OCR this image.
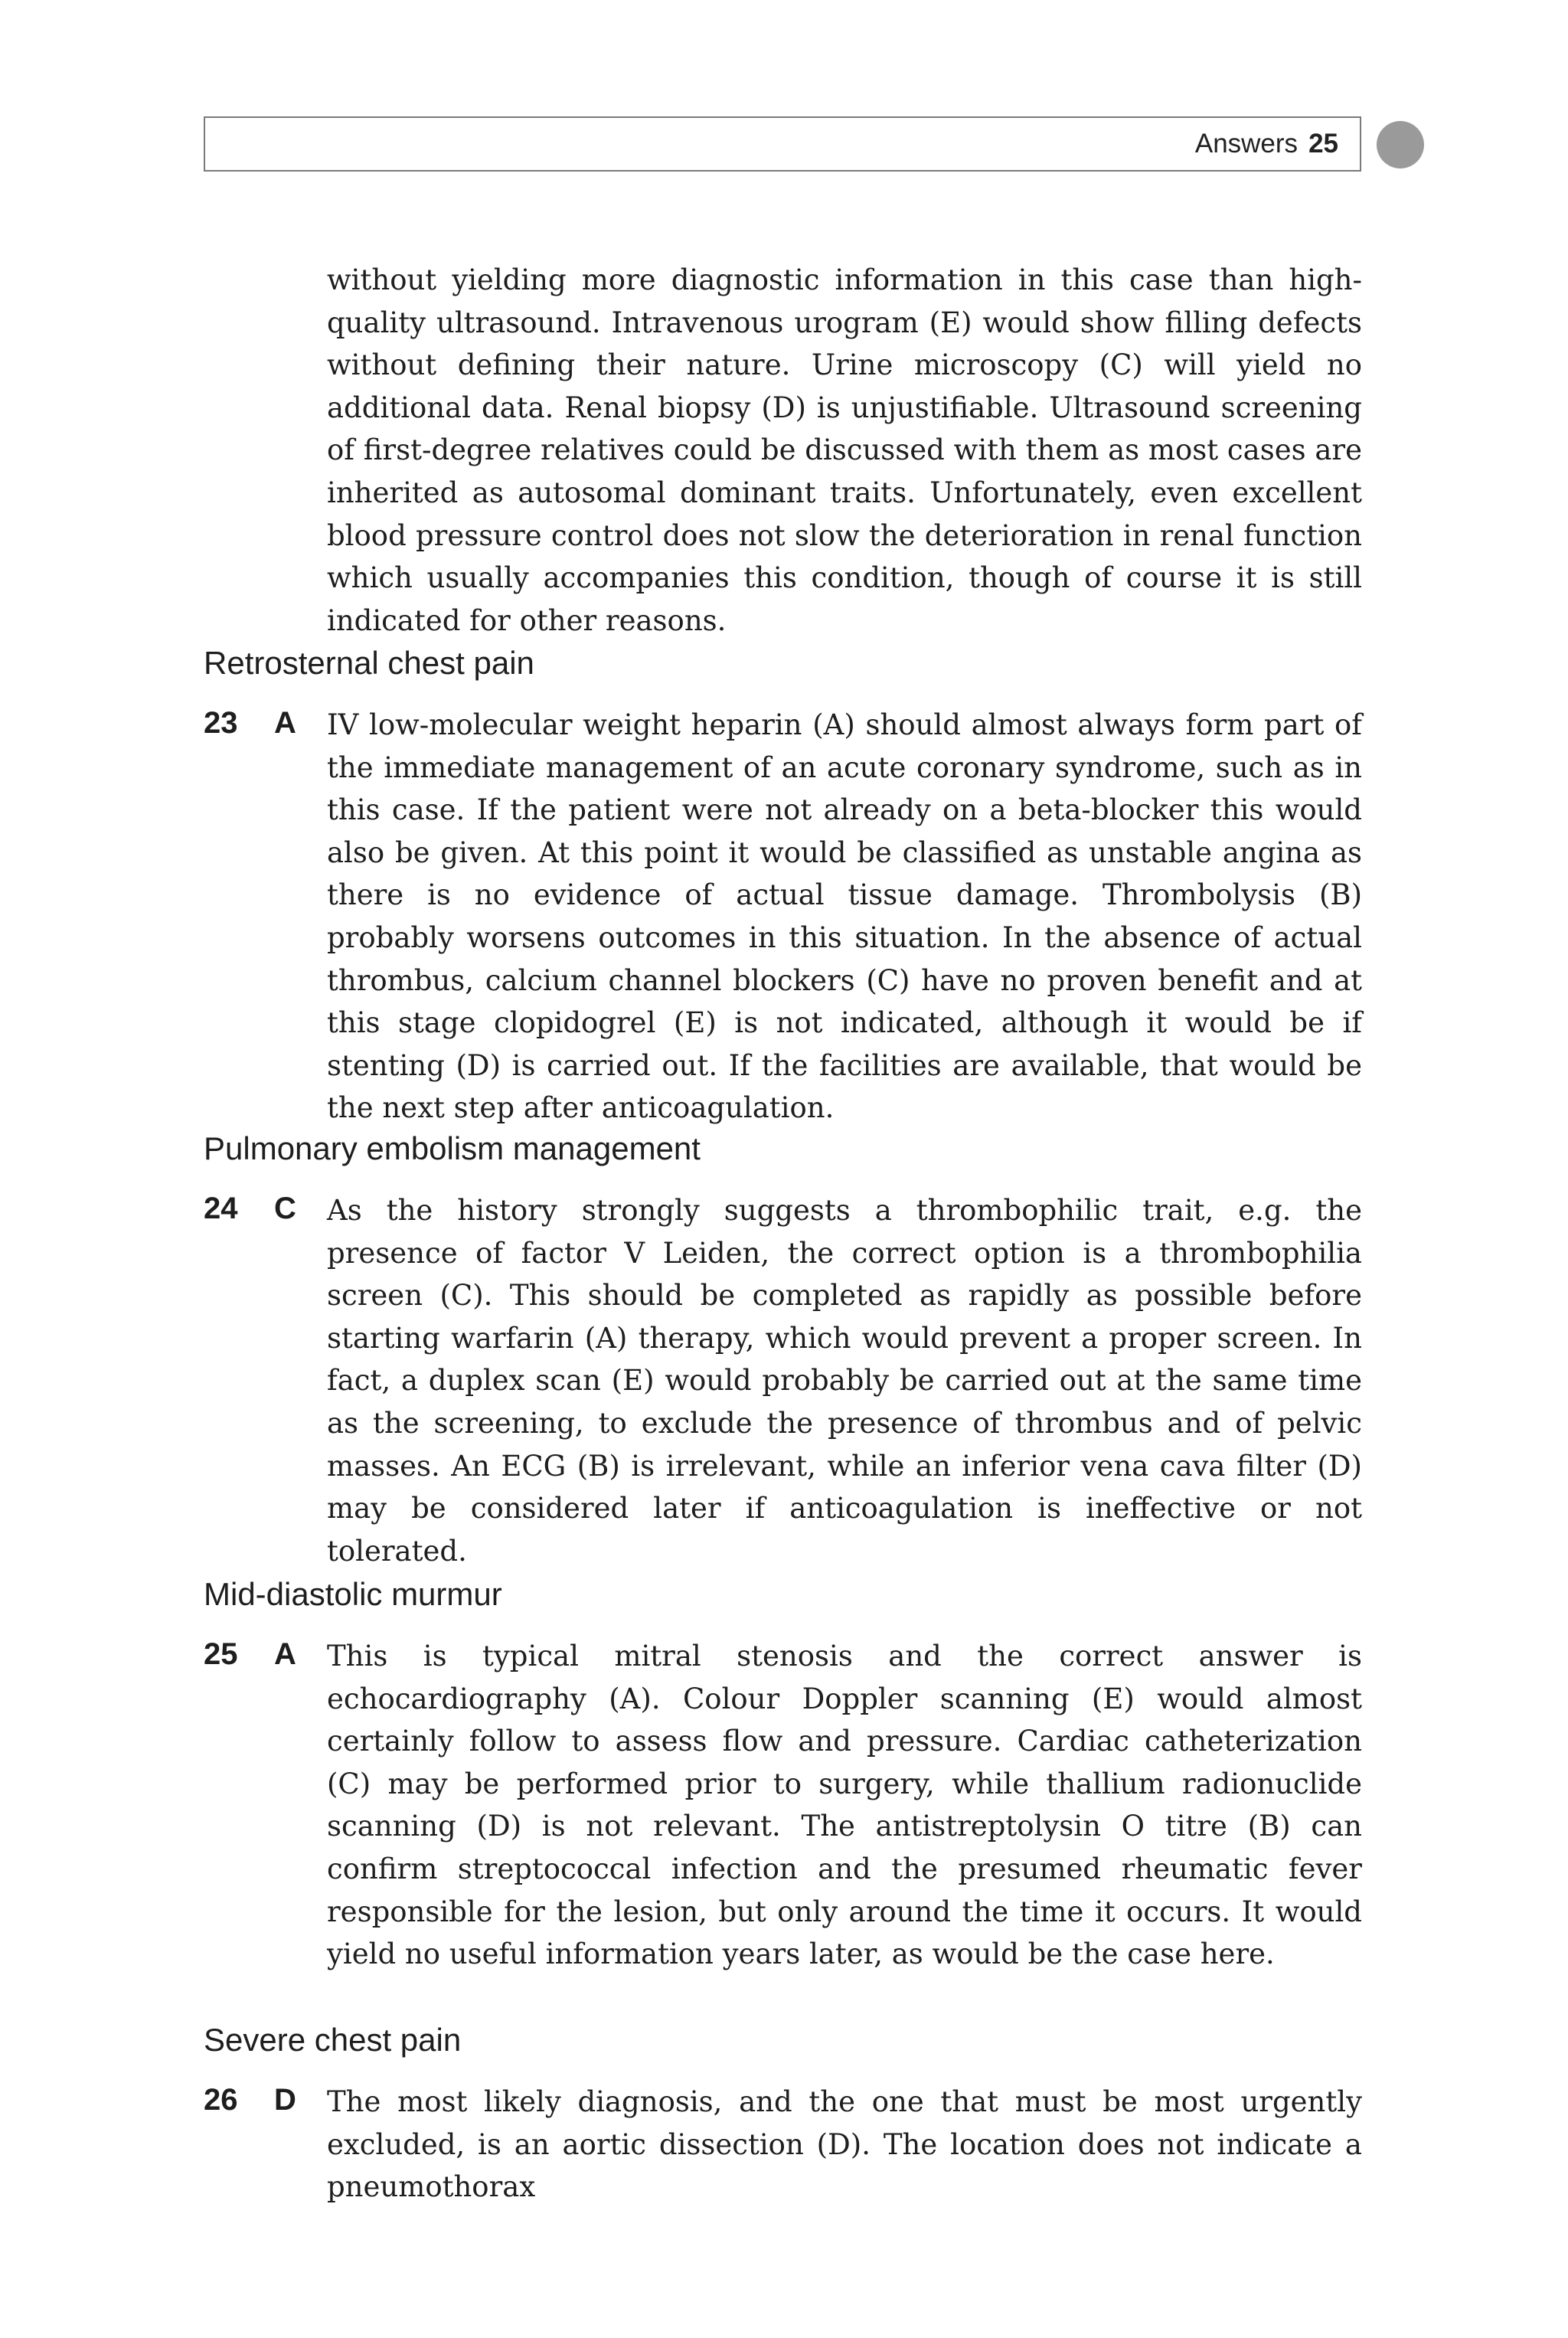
Answers 25

without yielding more diagnostic information in this case than high-quality ultrasound. Intravenous urogram (E) would show filling defects without defining their nature. Urine microscopy (C) will yield no additional data. Renal biopsy (D) is unjustifiable. Ultrasound screening of first-degree relatives could be discussed with them as most cases are inherited as autosomal dominant traits. Unfortunately, even excellent blood pressure control does not slow the deterioration in renal function which usually accompanies this condition, though of course it is still indicated for other reasons.

Retrosternal chest pain
23 A IV low-molecular weight heparin (A) should almost always form part of the immediate management of an acute coronary syndrome, such as in this case. If the patient were not already on a beta-blocker this would also be given. At this point it would be classified as unstable angina as there is no evidence of actual tissue damage. Thrombolysis (B) probably worsens outcomes in this situation. In the absence of actual thrombus, calcium channel blockers (C) have no proven benefit and at this stage clopidogrel (E) is not indicated, although it would be if stenting (D) is carried out. If the facilities are available, that would be the next step after anticoagulation.

Pulmonary embolism management
24 C As the history strongly suggests a thrombophilic trait, e.g. the presence of factor V Leiden, the correct option is a thrombophilia screen (C). This should be completed as rapidly as possible before starting warfarin (A) therapy, which would prevent a proper screen. In fact, a duplex scan (E) would probably be carried out at the same time as the screening, to exclude the presence of thrombus and of pelvic masses. An ECG (B) is irrelevant, while an inferior vena cava filter (D) may be considered later if anticoagulation is ineffective or not tolerated.

Mid-diastolic murmur
25 A This is typical mitral stenosis and the correct answer is echocardiography (A). Colour Doppler scanning (E) would almost certainly follow to assess flow and pressure. Cardiac catheterization (C) may be performed prior to surgery, while thallium radionuclide scanning (D) is not relevant. The antistreptolysin O titre (B) can confirm streptococcal infection and the presumed rheumatic fever responsible for the lesion, but only around the time it occurs. It would yield no useful information years later, as would be the case here.

Severe chest pain
26 D The most likely diagnosis, and the one that must be most urgently excluded, is an aortic dissection (D). The location does not indicate a pneumothorax
